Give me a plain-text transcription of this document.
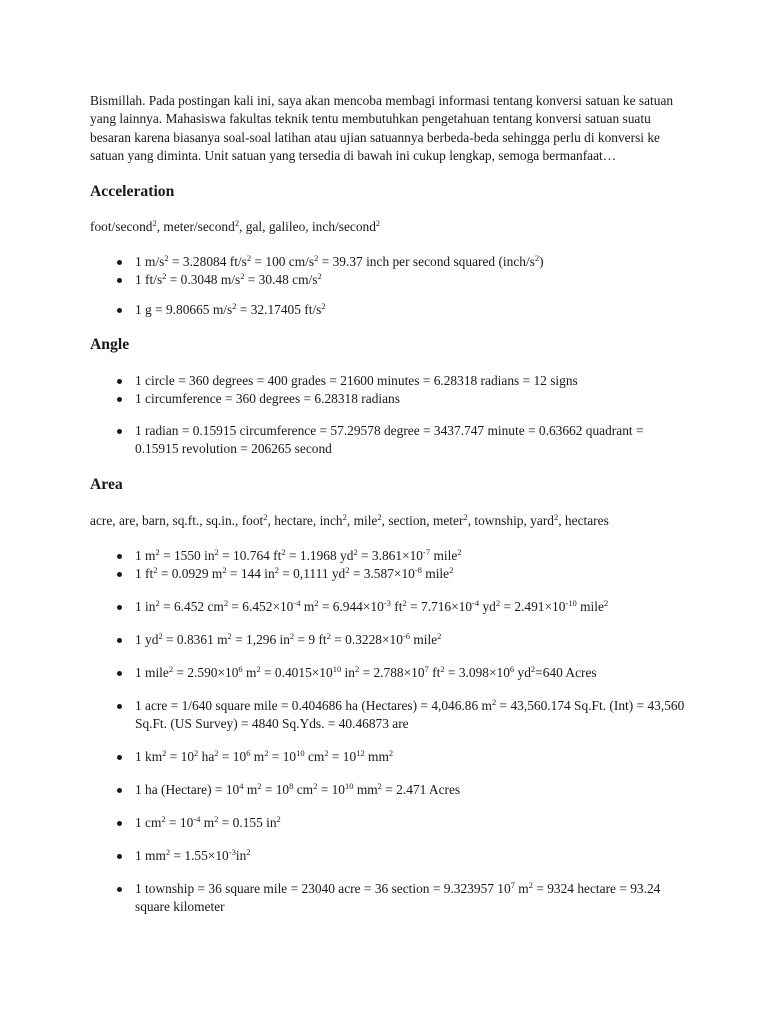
Bismillah. Pada postingan kali ini, saya akan mencoba membagi informasi tentang konversi satuan ke satuan yang lainnya. Mahasiswa fakultas teknik tentu membutuhkan pengetahuan tentang konversi satuan suatu besaran karena biasanya soal-soal latihan atau ujian satuannya berbeda-beda sehingga perlu di konversi ke satuan yang diminta. Unit satuan yang tersedia di bawah ini cukup lengkap, semoga bermanfaat…

Acceleration

foot/second$^2$, meter/second$^2$, gal, galileo, inch/second$^2$

1 $m/s^2 = 3.28084$ $ft/s^2 = 100$ $cm/s^2 = 39.37$ inch per second squared $(inch/s^2)$
1 $ft/s^2 = 0.3048$ $m/s^2 = 30.48$ $cm/s^2$
1 g = 9.80665 $m/s^2 = 32.17405$ $ft/s^2$
Angle
1 circle = 360 degrees = 400 grades = 21600 minutes = 6.28318 radians = 12 signs
1 circumference = 360 degrees = 6.28318 radians
1 radian = 0.15915 circumference = 57.29578 degree = 3437.747 minute = 0.63662 quadrant = 0.15915 revolution = 206265 second
Area

acre, are, barn, sq.ft., sq.in., foot$^2$, hectare, inch$^2$, mile$^2$, section, meter$^2$, township, yard$^2$, hectares

1 $m^2 = 1550$ $in^2 = 10.764$ $ft^2 = 1.1968$ $yd^2 = 3.861\times 10^{-7}$ mile$^2$
1 $ft^2 = 0.0929$ $m^2 = 144$ $in^2 = 0,1111$ $yd^2 = 3.587\times 10^{-8}$ mile$^2$
1 $in^2 = 6.452$ $cm^2 = 6.452\times 10^{-4}$ $m^2 = 6.944\times 10^{-3}$ $ft^2 = 7.716\times 10^{-4}$ $yd^2 = 2.491\times 10^{-10}$ mile$^2$
1 $yd^2 = 0.8361$ $m^2 = 1,296$ $in^2 = 9$ $ft^2 = 0.3228\times 10^{-6}$ mile$^2$
1 mile$^2$ = $2.590\times 10^6$ $m^2 = 0.4015\times 10^{10}$ $in^2 = 2.788\times 10^7$ $ft^2 = 3.098\times 10^6$ $yd^2=640$ Acres
1 acre = 1/640 square mile = 0.404686 ha (Hectares) = 4,046.86 $m^2 = 43,560.174$ Sq.Ft. (Int) = 43,560 Sq.Ft. (US Survey) = 4840 Sq.Yds. = 40.46873 are
1 $km^2 = 10^2$ $ha^2 = 10^6$ $m^2 = 10^{10}$ $cm^2 = 10^{12}$ $mm^2$
1 ha (Hectare) = $10^4$ $m^2 = 10^8$ $cm^2 = 10^{10}$ $mm^2 = 2.471$ Acres
1 $cm^2 = 10^{-4}$ $m^2 = 0.155$ $in^2$
1 $mm^2 = 1.55\times 10^{-3}in^2$
1 township = 36 square mile = 23040 acre = 36 section = 9.323957 $10^7$ $m^2 = 9324$ hectare = 93.24 square kilometer
